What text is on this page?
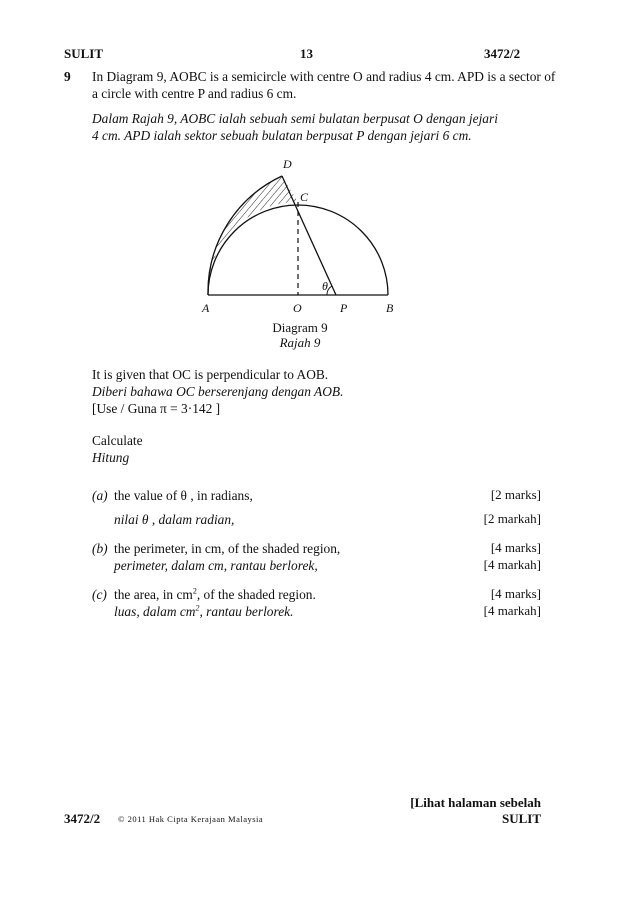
SULIT	13	3472/2
9 In Diagram 9, AOBC is a semicircle with centre O and radius 4 cm. APD is a sector of
a circle with centre P and radius 6 cm.
Dalam Rajah 9, AOBC ialah sebuah semi bulatan berpusat O dengan jejari
4 cm. APD ialah sektor sebuah bulatan berpusat P dengan jejari 6 cm.
D
C
θ
A	O	P	B
Diagram 9
Rajah 9
It is given that OC is perpendicular to AOB.
Diberi bahawa OC berserenjang dengan AOB.
[Use / Guna π = 3·142 ]
Calculate
Hitung
(a) the value of θ , in radians,
nilai θ , dalam radian,
[2 marks]
[2 markah]
(b) the perimeter, in cm, of the shaded region,
perimeter, dalam cm, rantau berlorek,
[4 marks]
[4 markah]
(c) the area, in $cm^2$, of the shaded region.
luas, dalam $cm^2$, rantau berlorek.
[4 marks]
[4 markah]
[Lihat halaman sebelah
3472/2 © 2011 Hak Cipta Kerajaan Malaysia	SULIT
